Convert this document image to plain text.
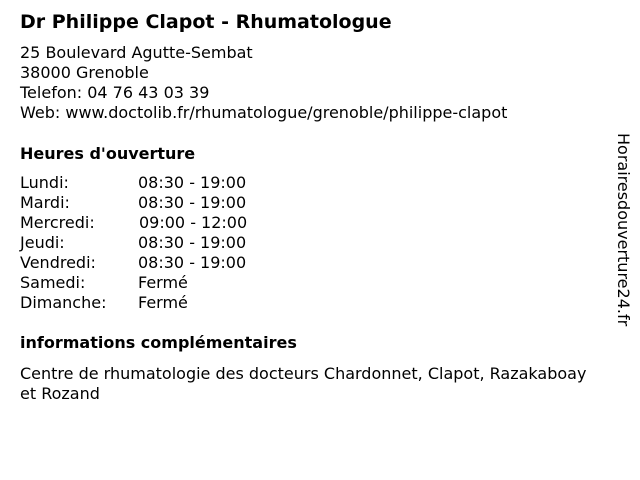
Dr Philippe Clapot - Rhumatologue
25 Boulevard Agutte-Sembat
38000 Grenoble
Telefon: 04 76 43 03 39
Web: www.doctolib.fr/rhumatologue/grenoble/philippe-clapot
Heures d'ouverture
Lundi:	08:30 - 19:00
Mardi:	08:30 - 19:00
Mercredi:	09:00 - 12:00
Jeudi:	08:30 - 19:00
Vendredi:	08:30 - 19:00
Samedi:	Fermé
Dimanche:	Fermé
informations complémentaires
Centre de rhumatologie des docteurs Chardonnet, Clapot, Razakaboay et Rozand
Horairesdouverture24.fr
